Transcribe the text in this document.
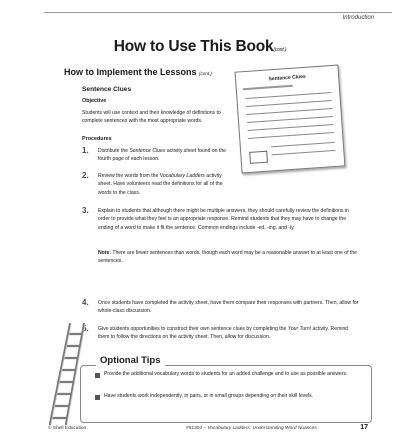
Introduction
How to Use This Book(cont.)
How to Implement the Lessons (cont.)
Sentence Clues
Objective
Students will use context and their knowledge of definitions to complete sentences with the most appropriate words.
Procedures
1. Distribute the Sentence Clues activity sheet found on the fourth page of each lesson.
2. Review the words from the Vocabulary Ladders activity sheet. Have volunteers read the definitions for all of the words to the class.
3. Explain to students that although there might be multiple answers, they should carefully review the definitions in order to provide what they feel is an appropriate response. Remind students that they may have to change the ending of a word to make it fit the sentence. Common endings include -ed, -ing, and -ly.
Note: There are fewer sentences than words, though each word may be a reasonable answer to at least one of the sentences.
4. Once students have completed the activity sheet, have them compare their responses with partners. Then, allow for whole-class discussion.
5. Give students opportunities to construct their own sentence clues by completing the Your Turn! activity. Remind them to follow the directions on the activity sheet. Then, allow for discussion.
Sentence Clues
Optional Tips
Provide the additional vocabulary words to students for an added challenge and to use as possible answers.
Have students work independently, in pairs, or in small groups depending on their skill levels.
© Shell Education	#51304 – Vocabulary Ladders: Understanding Word Nuances	17
